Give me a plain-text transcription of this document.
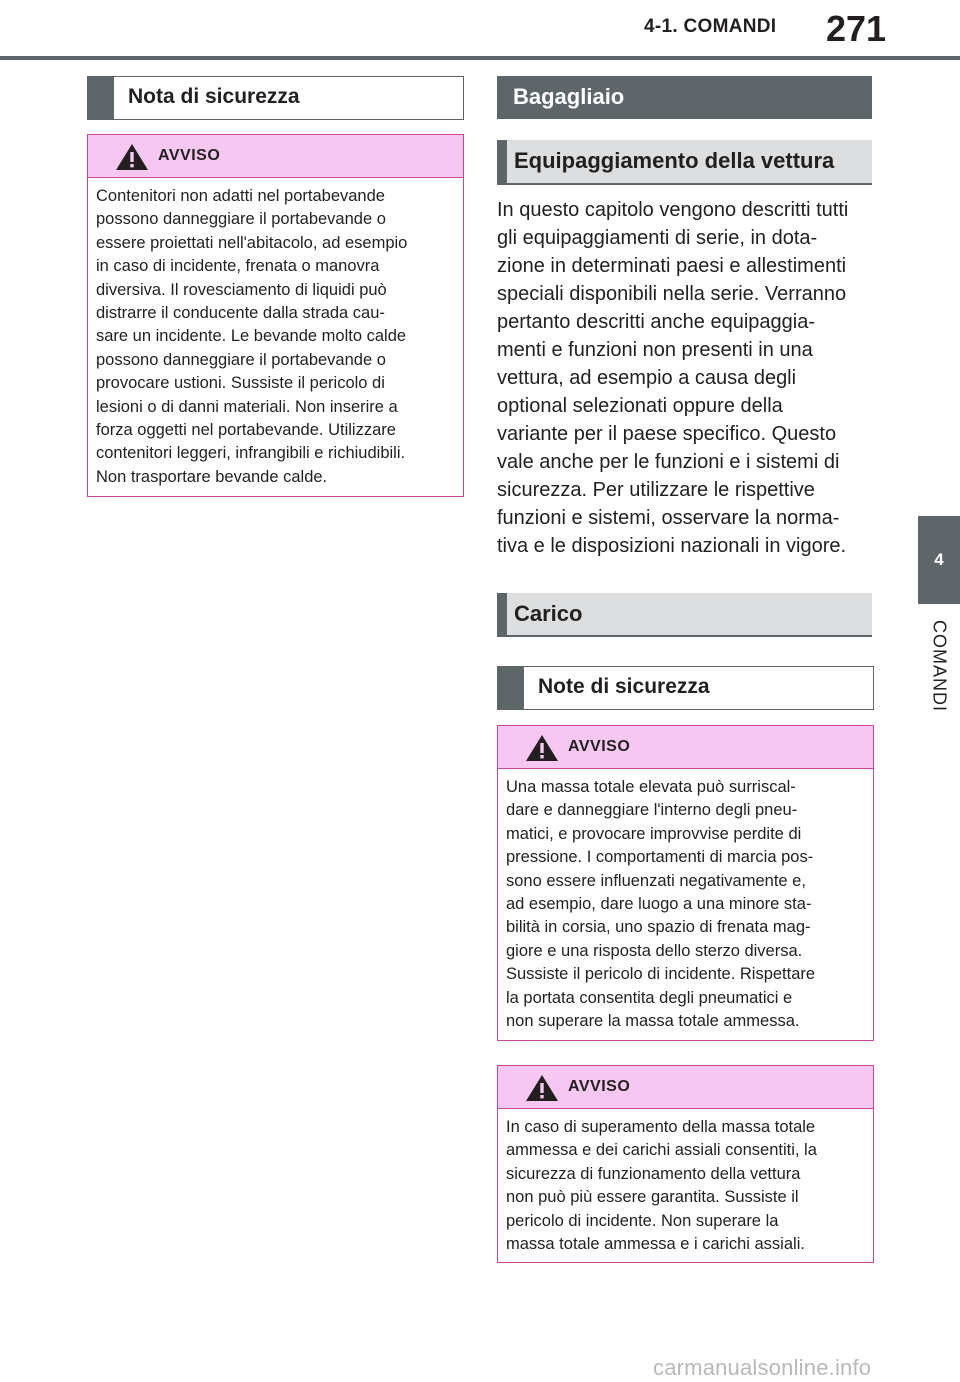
4-1. COMANDI 271
4
COMANDI
Nota di sicurezza
AVVISO
Contenitori non adatti nel portabevande
possono danneggiare il portabevande o
essere proiettati nell'abitacolo, ad esempio
in caso di incidente, frenata o manovra
diversiva. Il rovesciamento di liquidi può
distrarre il conducente dalla strada cau-
sare un incidente. Le bevande molto calde
possono danneggiare il portabevande o
provocare ustioni. Sussiste il pericolo di
lesioni o di danni materiali. Non inserire a
forza oggetti nel portabevande. Utilizzare
contenitori leggeri, infrangibili e richiudibili.
Non trasportare bevande calde.
Bagagliaio
Equipaggiamento della vettura
In questo capitolo vengono descritti tutti
gli equipaggiamenti di serie, in dota-
zione in determinati paesi e allestimenti
speciali disponibili nella serie. Verranno
pertanto descritti anche equipaggia-
menti e funzioni non presenti in una
vettura, ad esempio a causa degli
optional selezionati oppure della
variante per il paese specifico. Questo
vale anche per le funzioni e i sistemi di
sicurezza. Per utilizzare le rispettive
funzioni e sistemi, osservare la norma-
tiva e le disposizioni nazionali in vigore.
Carico
Note di sicurezza
AVVISO
Una massa totale elevata può surriscal-
dare e danneggiare l'interno degli pneu-
matici, e provocare improvvise perdite di
pressione. I comportamenti di marcia pos-
sono essere influenzati negativamente e,
ad esempio, dare luogo a una minore sta-
bilità in corsia, uno spazio di frenata mag-
giore e una risposta dello sterzo diversa.
Sussiste il pericolo di incidente. Rispettare
la portata consentita degli pneumatici e
non superare la massa totale ammessa.
AVVISO
In caso di superamento della massa totale
ammessa e dei carichi assiali consentiti, la
sicurezza di funzionamento della vettura
non può più essere garantita. Sussiste il
pericolo di incidente. Non superare la
massa totale ammessa e i carichi assiali.
carmanualsonline.info
